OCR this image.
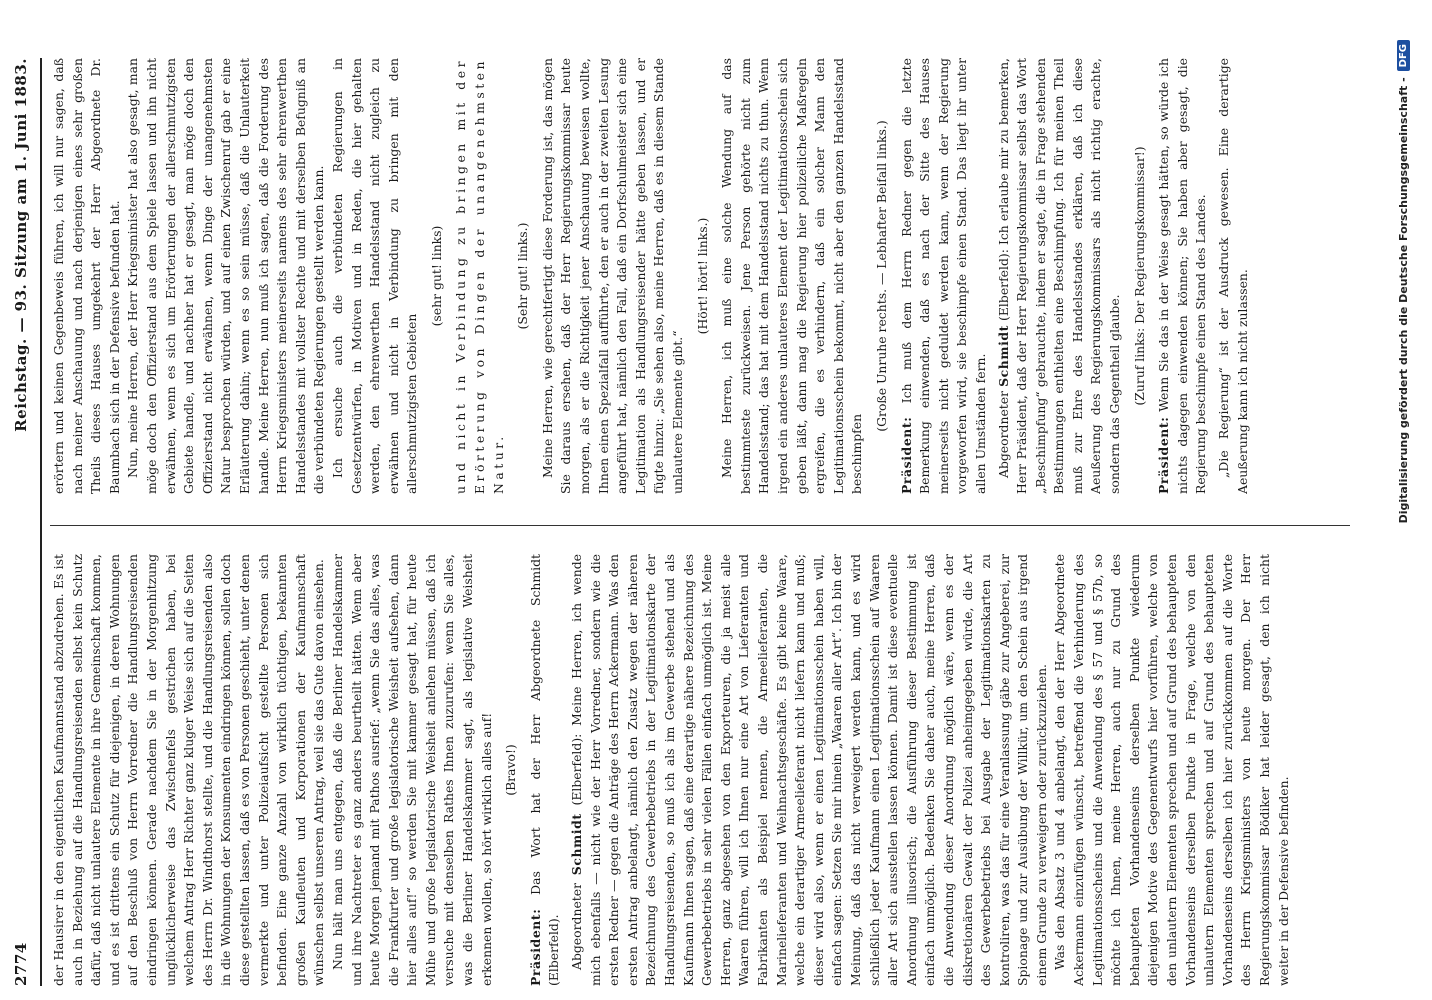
2774
Reichstag. — 93. Sitzung am 1. Juni 1883.

der Hausirer in den eigentlichen Kaufmannstand abzudrehen. Es ist auch in Beziehung auf die Handlungsreisenden selbst kein Schutz dafür, daß nicht unlautere Elemente in ihre Gemeinschaft kommen, und es ist drittens ein Schutz für diejenigen, in deren Wohnungen auf den Beschluß von Herrn Vorredner die Handlungsreisenden eindringen können. Gerade nachdem Sie in der Morgenhitzung unglücklicherweise das Zwischenfels gestrichen haben, bei welchem Antrag Herr Richter ganz kluger Weise sich auf die Seiten des Herrn Dr. Windthorst stellte, und die Handlungsreisenden also in die Wohnungen der Konsumenten eindringen können, sollen doch diese gestellten lassen, daß es von Personen geschieht, unter denen vermerkte und unter Polizeiaufsicht gestellte Personen sich befinden. Eine ganze Anzahl von wirklich tüchtigen, bekannten großen Kaufleuten und Korporationen der Kaufmannschaft wünschen selbst unseren Antrag, weil sie das Gute davon einsehen. Nun hält man uns entgegen, daß die Berliner Handelskammer und ihre Nachtreter es ganz anders beurtheilt hätten. Wenn aber heute Morgen jemand mit Pathos ausrief: „wenn Sie das alles, was die Frankfurter und große legislatorische Weisheit aufsehen, dann hier alles auf!“ so werden Sie mit kammer gesagt hat, für heute Mühe und große legislatorische Weisheit anlehen müssen, daß ich versuche mit denselben Rathes Ihnen zuzurufen: wenn Sie alles, was die Berliner Handelskammer sagt, als legislative Weisheit erkennen wollen, so hört wirklich alles auf! (Bravo!)

Präsident: Das Wort hat der Herr Abgeordnete Schmidt (Elberfeld). Abgeordneter Schmidt (Elberfeld): Meine Herren, ich wende mich ebenfalls — nicht wie der Herr Vorredner, sondern wie die ersten Redner — gegen die Anträge des Herrn Ackermann. Was den ersten Antrag anbelangt, nämlich den Zusatz wegen der näheren Bezeichnung des Gewerbebetriebs in der Legitimationskarte der Handlungsreisenden, so muß ich als im Gewerbe stehend und als Kaufmann Ihnen sagen, daß eine derartige nähere Bezeichnung des Gewerbebetriebs in sehr vielen Fällen einfach unmöglich ist. Meine Herren, ganz abgesehen von den Exporteuren, die ja meist alle Waaren führen, will ich Ihnen nur eine Art von Lieferanten und Fabrikanten als Beispiel nennen, die Armeelieferanten, die Marinelieferanten und Weihnachtsgeschäfte. Es gibt keine Waare, welche ein derartiger Armeelieferant nicht liefern kann und muß; dieser wird also, wenn er einen Legitimationsschein haben will, einfach sagen: Setzen Sie mir hinein „Waaren aller Art“. Ich bin der Meinung, daß das nicht verweigert werden kann, und es wird schließlich jeder Kaufmann einen Legitimationsschein auf Waaren aller Art sich ausstellen lassen können. Damit ist diese eventuelle Anordnung illusorisch; die Ausführung dieser Bestimmung ist einfach unmöglich. Bedenken Sie daher auch, meine Herren, daß die Anwendung dieser Anordnung möglich wäre, wenn es der diskretionären Gewalt der Polizei anheimgegeben würde, die Art des Gewerbebetriebs bei Ausgabe der Legitimationskarten zu kontroliren, was das für eine Veranlassung gäbe zur Angeberei, zur Spionage und zur Ausübung der Willkür, um den Schein aus irgend einem Grunde zu verweigern oder zurückzuziehen. Was den Absatz 3 und 4 anbelangt, den der Herr Abgeordnete Ackermann einzufügen wünscht, betreffend die Verhinderung des Legitimationsscheins und die Anwendung des § 57 und § 57b, so möchte ich Ihnen, meine Herren, auch nur zu Grund des behaupteten Vorhandenseins derselben Punkte wiederum diejenigen Motive des Gegenentwurfs hier vorführen, welche von den unlautern Elementen sprechen und auf Grund des behaupteten Vorhandenseins derselben Punkte in Frage, welche von den unlautern Elementen sprechen und auf Grund des behaupteten Vorhandenseins derselben ich hier zurückkommen auf die Worte des Herrn Kriegsministers von heute morgen. Der Herr Regierungskommissar Bödiker hat leider gesagt, den ich nicht weiter in der Defensive befinden.

erörtern und keinen Gegenbeweis führen, ich will nur sagen, daß nach meiner Anschauung und nach derjenigen eines sehr großen Theils dieses Hauses umgekehrt der Herr Abgeordnete Dr. Baumbach sich in der Defensive befunden hat. Nun, meine Herren, der Herr Kriegsminister hat also gesagt, man möge doch den Offizierstand aus dem Spiele lassen und ihn nicht erwähnen, wenn es sich um Erörterungen der allerschmutzigsten Gebiete handle, und nachher hat er gesagt, man möge doch den Offizierstand nicht erwähnen, wenn Dinge der unangenehmsten Natur besprochen würden, und auf einen Zwischenruf gab er eine Erläuterung dahin; wenn es so sein müsse, daß die Unlauterkeit handle. Meine Herren, nun muß ich sagen, daß die Forderung des Herrn Kriegsministers meinerseits namens des sehr ehrenwerthen Handelsstandes mit vollster Rechte und mit derselben Befugniß an die verbündeten Regierungen gestellt werden kann. Ich ersuche auch die verbündeten Regierungen in Gesetzentwürfen, in Motiven und in Reden, die hier gehalten werden, den ehrenwerthen Handelsstand nicht zugleich zu erwähnen und nicht in Verbindung zu bringen mit den allerschmutzigsten Gebieten

(sehr gut! links) und nicht in Verbindung zu bringen mit der Erörterung von Dingen der unangenehmsten Natur.

(Sehr gut! links.) Meine Herren, wie gerechtfertigt diese Forderung ist, das mögen Sie daraus ersehen, daß der Herr Regierungskommissar heute morgen, als er die Richtigkeit jener Anschauung beweisen wollte, Ihnen einen Spezialfall aufführte, den er auch in der zweiten Lesung angeführt hat, nämlich den Fall, daß ein Dorfschulmeister sich eine Legitimation als Handlungsreisender hätte geben lassen, und er fügte hinzu: „Sie sehen also, meine Herren, daß es in diesem Stande unlautere Elemente gibt.“

(Hört! hört! links.) Meine Herren, ich muß eine solche Wendung auf das bestimmteste zurückweisen. Jene Person gehörte nicht zum Handelsstand; das hat mit dem Handelsstand nichts zu thun. Wenn irgend ein anderes unlauteres Element der Legitimationsschein sich geben läßt, dann mag die Regierung hier polizeiliche Maßregeln ergreifen, die es verhindern, daß ein solcher Mann den Legitimationsschein bekommt, nicht aber den ganzen Handelsstand beschimpfen

(Große Unruhe rechts. — Lebhafter Beifall links.)

Präsident: Ich muß dem Herrn Redner gegen die letzte Bemerkung einwenden, daß es nach der Sitte des Hauses meinerseits nicht geduldet werden kann, wenn der Regierung vorgeworfen wird, sie beschimpfe einen Stand. Das liegt ihr unter allen Umständen fern. Abgeordneter Schmidt (Elberfeld): Ich erlaube mir zu bemerken, Herr Präsident, daß der Herr Regierungskommissar selbst das Wort „Beschimpfung“ gebrauchte, indem er sagte, die in Frage stehenden Bestimmungen enthielten eine Beschimpfung. Ich für meinen Theil muß zur Ehre des Handelsstandes erklären, daß ich diese Aeußerung des Regierungskommissars als nicht richtig erachte, sondern das Gegentheil glaube. (Zuruf links: Der Regierungskommissar!)

Präsident: Wenn Sie das in der Weise gesagt hätten, so würde ich nichts dagegen einwenden können; Sie haben aber gesagt, die Regierung beschimpfe einen Stand des Landes. „Die Regierung“ ist der Ausdruck gewesen. Eine derartige Aeußerung kann ich nicht zulassen.	Digitalisierung gefördert durch die Deutsche Forschungsgemeinschaft -
DFG
